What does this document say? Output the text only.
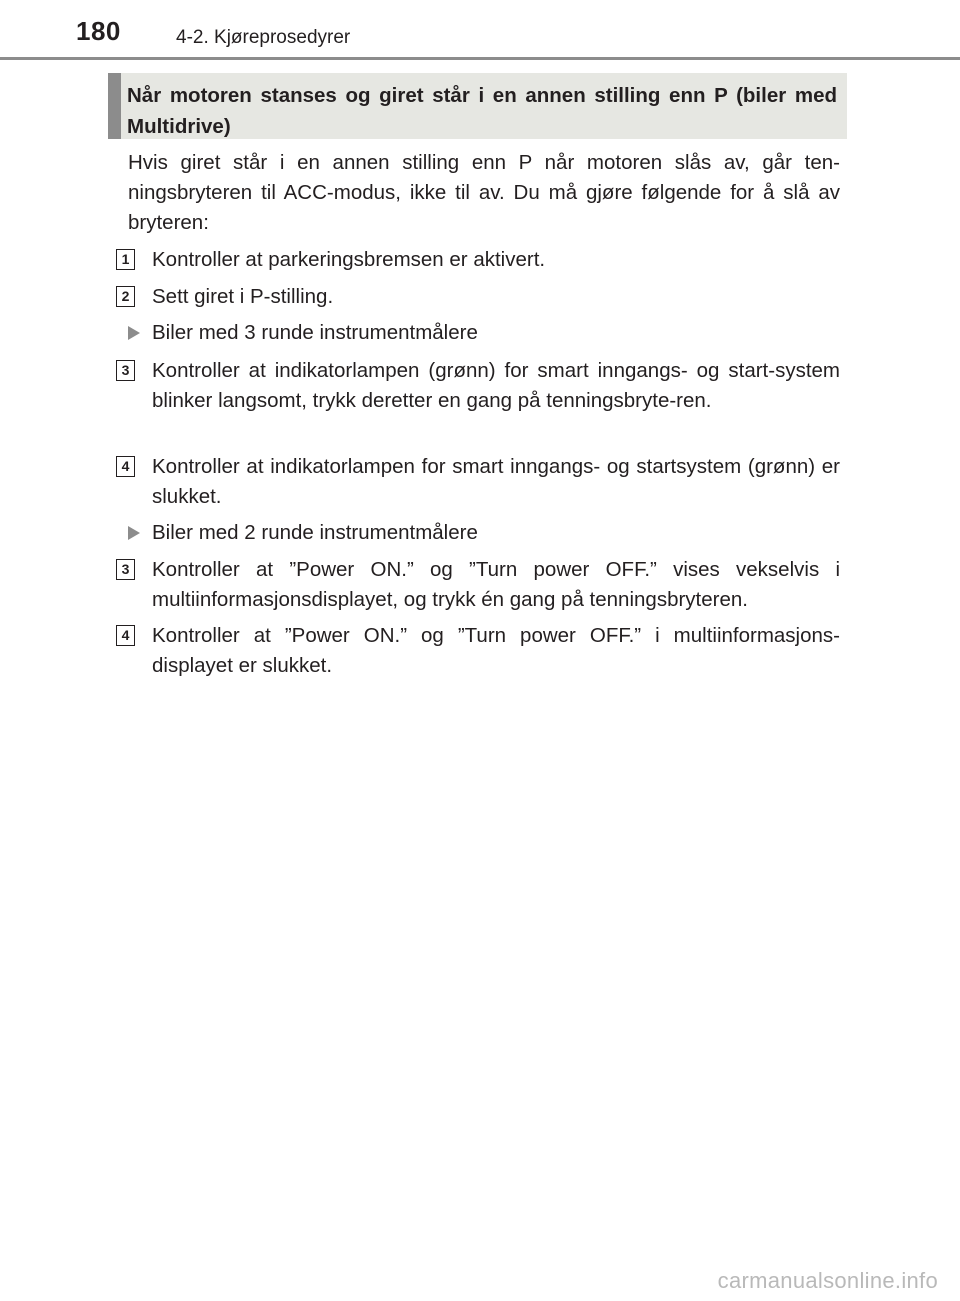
180	4-2. Kjøreprosedyrer
Når motoren stanses og giret står i en annen stilling enn P (biler med Multidrive)
Hvis giret står i en annen stilling enn P når motoren slås av, går ten-ningsbryteren til ACC-modus, ikke til av. Du må gjøre følgende for å slå av bryteren:
1 Kontroller at parkeringsbremsen er aktivert.
2 Sett giret i P-stilling.
Biler med 3 runde instrumentmålere
3 Kontroller at indikatorlampen (grønn) for smart inngangs- og start-system blinker langsomt, trykk deretter en gang på tenningsbryte-ren.
4 Kontroller at indikatorlampen for smart inngangs- og startsystem (grønn) er slukket.
Biler med 2 runde instrumentmålere
3 Kontroller at ”Power ON.” og ”Turn power OFF.” vises vekselvis i multiinformasjonsdisplayet, og trykk én gang på tenningsbryteren.
4 Kontroller at ”Power ON.” og ”Turn power OFF.” i multiinformasjons-displayet er slukket.
carmanualsonline.info
